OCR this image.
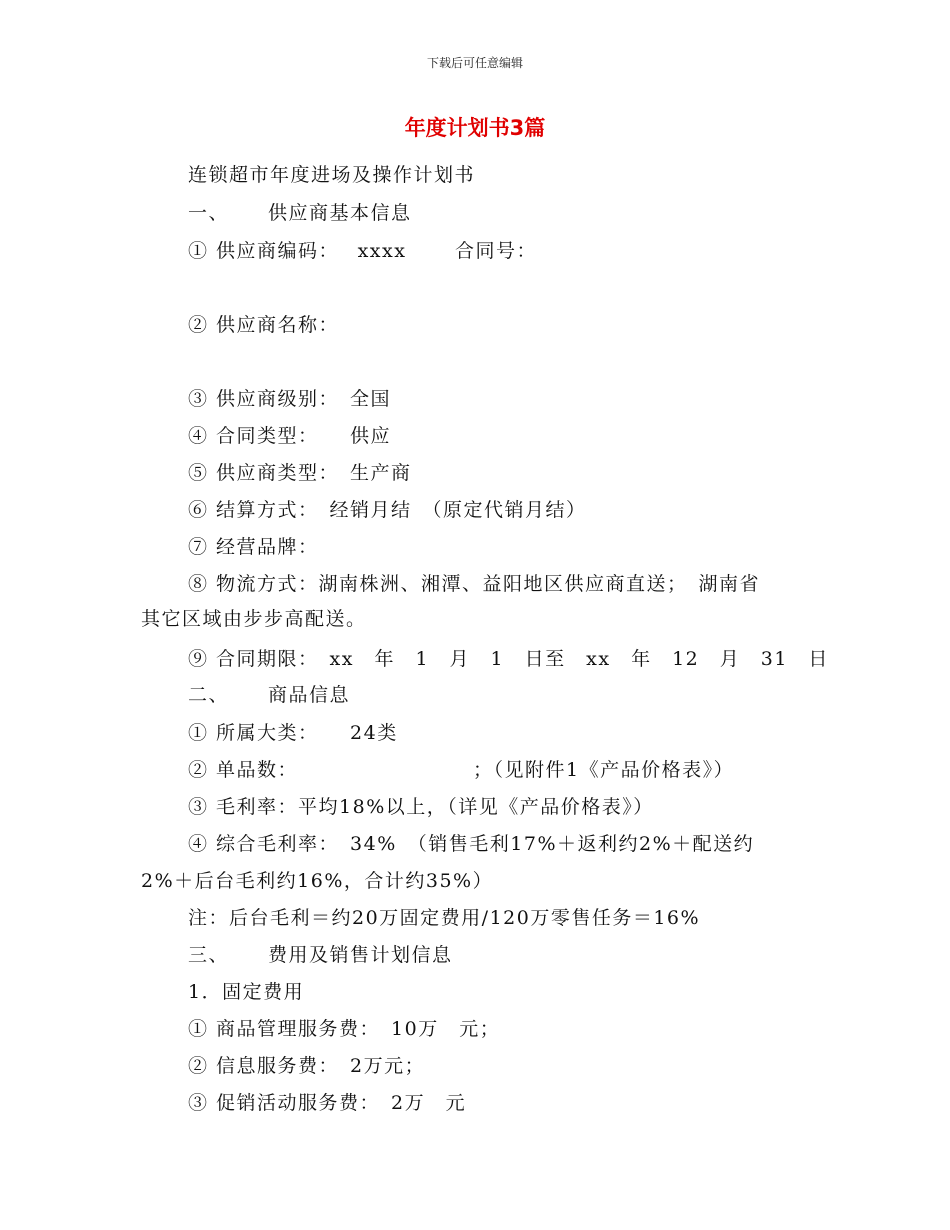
下载后可任意编辑
年度计划书3篇
连锁超市年度进场及操作计划书
一、　　 供应商基本信息
① 供应商编码：　 xxxx　　 合同号：
② 供应商名称：
③ 供应商级别：　全国
④ 合同类型：　　供应
⑤ 供应商类型：　生产商
⑥ 结算方式：　经销月结　（原定代销月结）
⑦ 经营品牌：
⑧ 物流方式：湖南株洲、湘潭、益阳地区供应商直送；　湖南省
其它区域由步步高配送。
⑨ 合同期限：　xx　年　1　月　1　日至　xx　年　12　月　31　日
二、　　 商品信息
① 所属大类：　　24类
② 单品数：　　　　　　　　　；（见附件1《产品价格表》）
③ 毛利率：平均18%以上，（详见《产品价格表》）
④ 综合毛利率：　34%　（销售毛利17%＋返利约2%＋配送约
2%＋后台毛利约16%，合计约35%）
注：后台毛利＝约20万固定费用/120万零售任务＝16%
三、　　 费用及销售计划信息
1．固定费用
① 商品管理服务费：　10万　元；
② 信息服务费：　2万元；
③ 促销活动服务费：　2万　元
